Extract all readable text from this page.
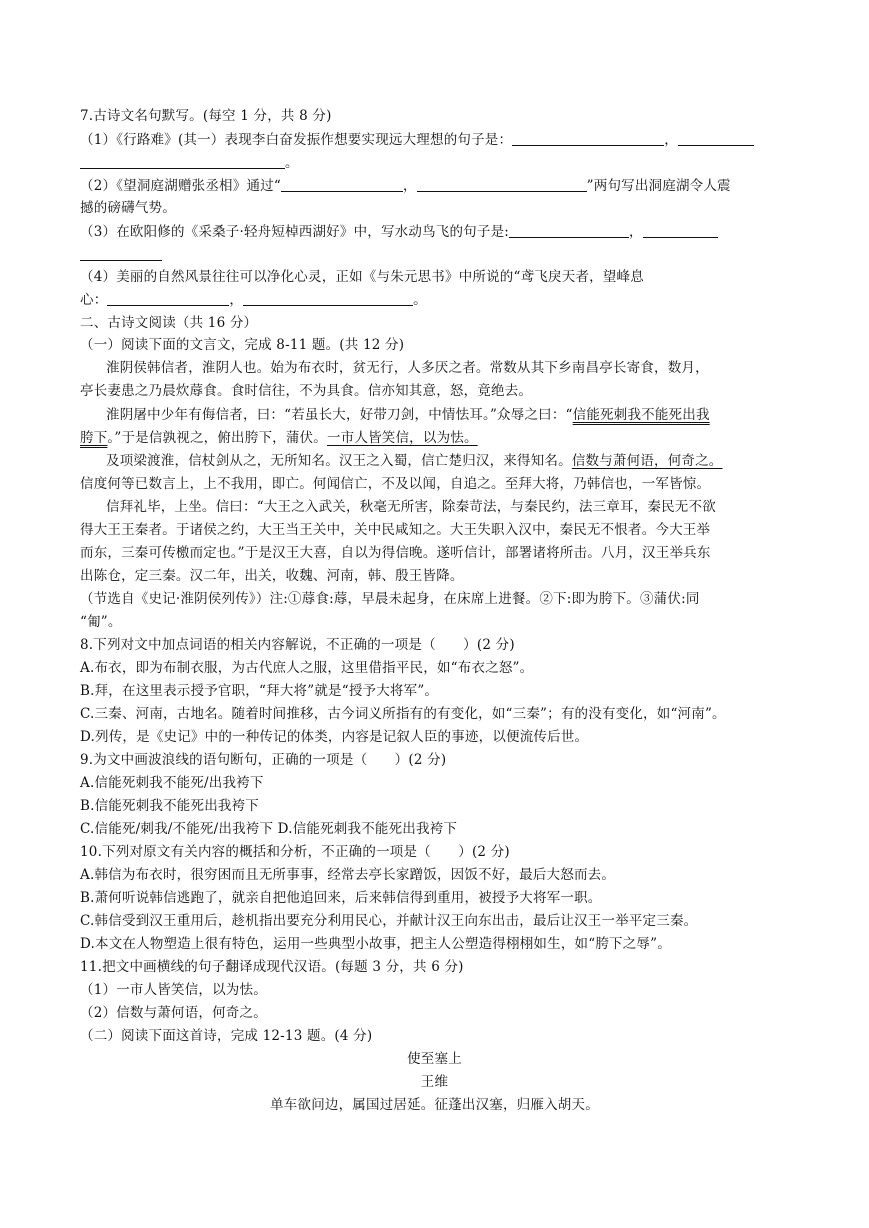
7.古诗文名句默写。(每空 1 分，共 8 分)
（1）《行路难》(其一）表现李白奋发振作想要实现远大理想的句子是：	，
。
（2）《望洞庭湖赠张丞相》通过“	，	”两句写出洞庭湖令人震
撼的磅礴气势。
（3）在欧阳修的《采桑子·轻舟短棹西湖好》中，写水动鸟飞的句子是:	，
（4）美丽的自然风景往往可以净化心灵，正如《与朱元思书》中所说的“鸢飞戾天者，望峰息
心：	，	。
二、古诗文阅读（共 16 分）
（一）阅读下面的文言文，完成 8-11 题。(共 12 分)
淮阴侯韩信者，淮阴人也。始为布衣时，贫无行，人多厌之者。常数从其下乡南昌亭长寄食，数月，
亭长妻患之乃晨炊蓐食。食时信往，不为具食。信亦知其意，怒，竟绝去。
淮阴屠中少年有侮信者，曰：“若虽长大，好带刀剑，中情怯耳。”众辱之曰：“信能死刺我不能死出我
胯下。”于是信孰视之，俯出胯下，蒲伏。一市人皆笑信，以为怯。
及项梁渡淮，信杖剑从之，无所知名。汉王之入蜀，信亡楚归汉，来得知名。信数与萧何语，何奇之。
信度何等已数言上，上不我用，即亡。何闻信亡，不及以闻，自追之。至拜大将，乃韩信也，一军皆惊。
信拜礼毕，上坐。信曰：“大王之入武关，秋毫无所害，除秦苛法，与秦民约，法三章耳，秦民无不欲
得大王王秦者。于诸侯之约，大王当王关中，关中民咸知之。大王失职入汉中，秦民无不恨者。今大王举
而东，三秦可传檄而定也。”于是汉王大喜，自以为得信晚。遂听信计，部署诸将所击。八月，汉王举兵东
出陈仓，定三秦。汉二年，出关，收魏、河南，韩、殷王皆降。
（节选自《史记·淮阴侯列传》）注:①蓐食:蓐，早晨未起身，在床席上进餐。②下:即为胯下。③蒲伏:同
“匍”。
8.下列对文中加点词语的相关内容解说，不正确的一项是（　　）(2 分)
A.布衣，即为布制衣服，为古代庶人之服，这里借指平民，如“布衣之怒”。
B.拜，在这里表示授予官职，“拜大将”就是“授予大将军”。
C.三秦、河南，古地名。随着时间推移，古今词义所指有的有变化，如“三秦”；有的没有变化，如“河南”。
D.列传，是《史记》中的一种传记的体类，内容是记叙人臣的事迹，以便流传后世。
9.为文中画波浪线的语句断句，正确的一项是（　　）(2 分)
A.信能死刺我不能死/出我袴下
B.信能死刺我不能死出我袴下
C.信能死/刺我/不能死/出我袴下 D.信能死刺我不能死出我袴下
10.下列对原文有关内容的概括和分析，不正确的一项是（　　）(2 分)
A.韩信为布衣时，很穷困而且无所事事，经常去亭长家蹭饭，因饭不好，最后大怒而去。
B.萧何听说韩信逃跑了，就亲自把他追回来，后来韩信得到重用，被授予大将军一职。
C.韩信受到汉王重用后，趁机指出要充分利用民心，并献计汉王向东出击，最后让汉王一举平定三秦。
D.本文在人物塑造上很有特色，运用一些典型小故事，把主人公塑造得栩栩如生，如“胯下之辱”。
11.把文中画横线的句子翻译成现代汉语。(每题 3 分，共 6 分)
（1）一市人皆笑信，以为怯。
（2）信数与萧何语，何奇之。
（二）阅读下面这首诗，完成 12-13 题。(4 分)
使至塞上
王维
单车欲问边，属国过居延。征蓬出汉塞，归雁入胡天。
